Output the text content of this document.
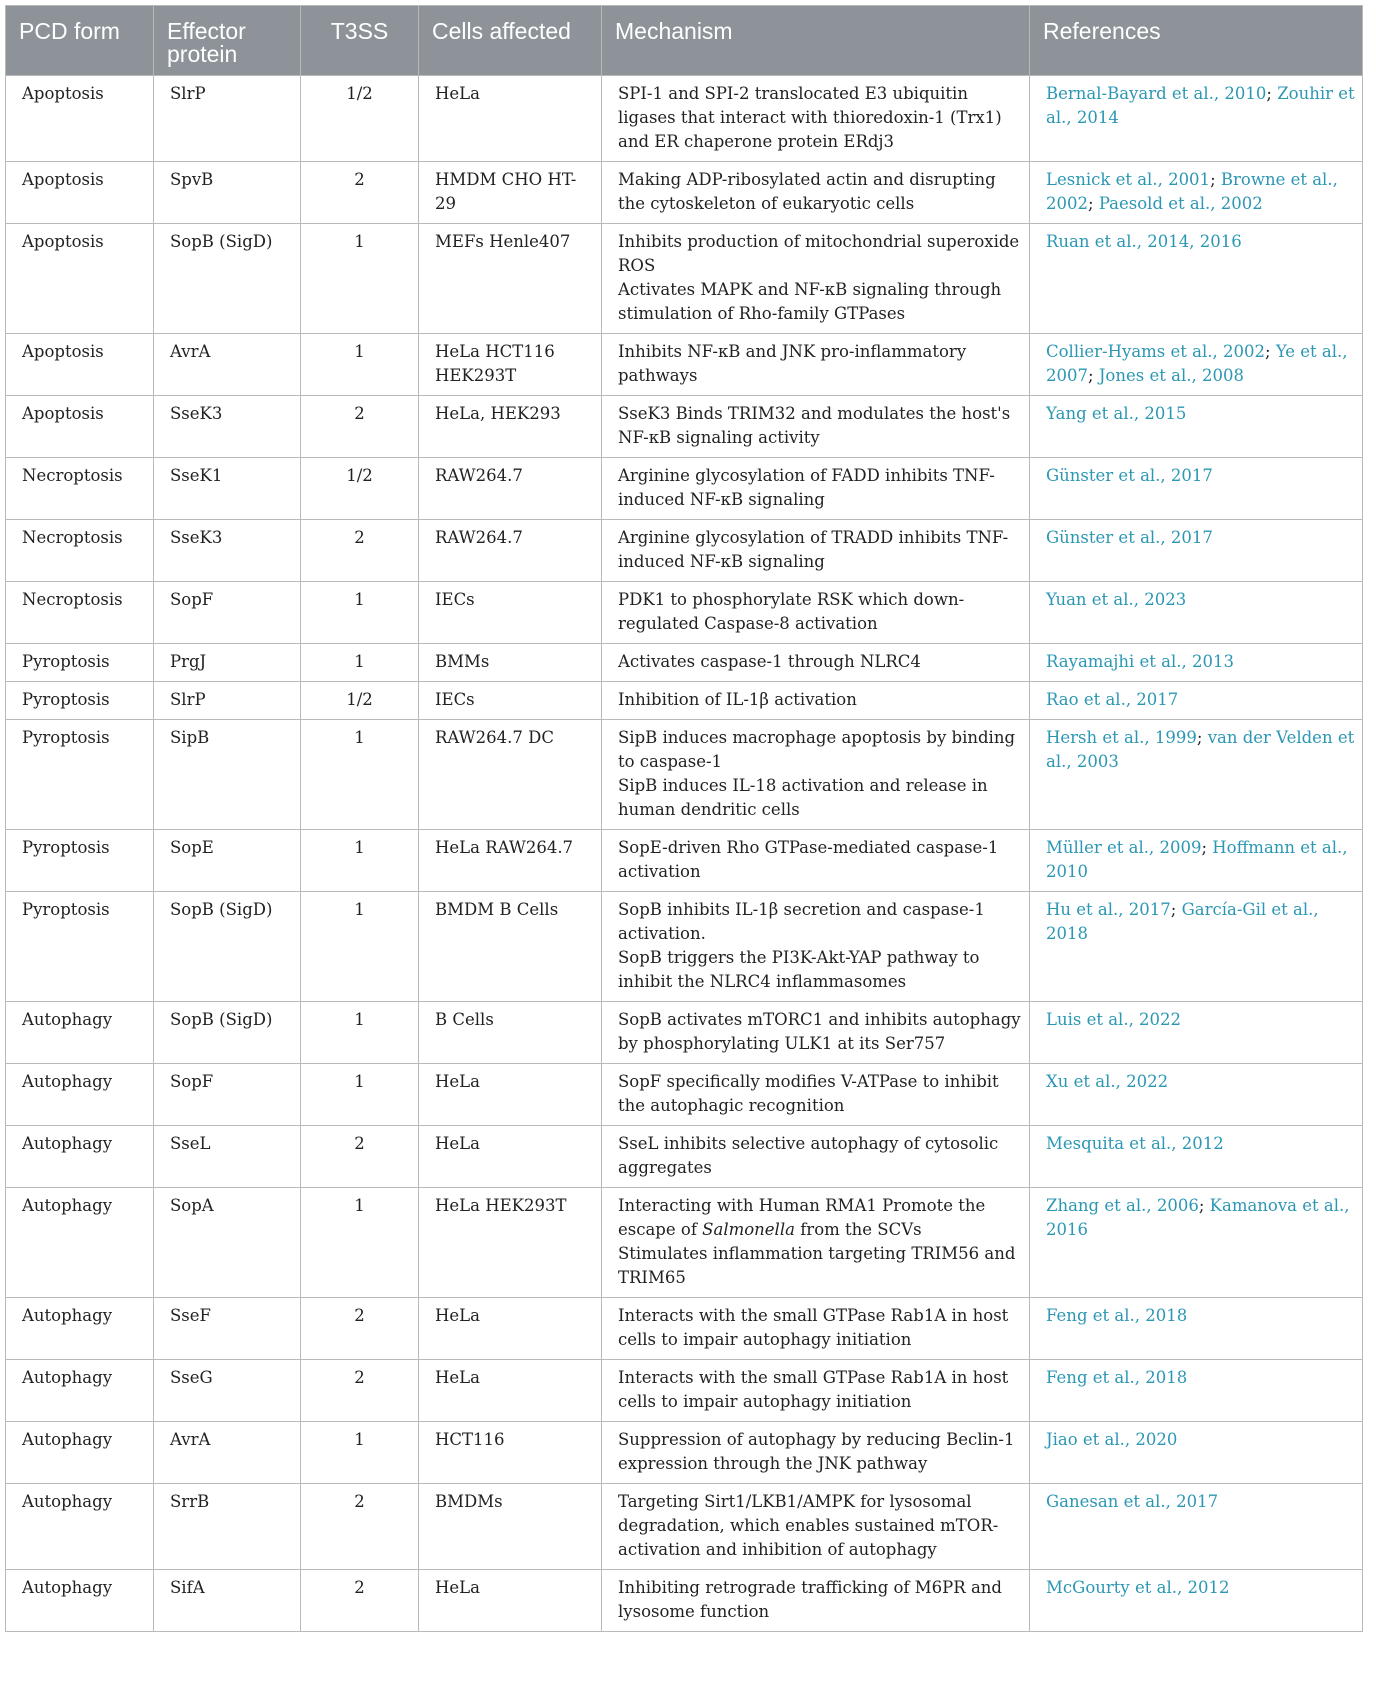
PCD form	Effector protein	T3SS	Cells affected	Mechanism	References
Apoptosis	SlrP	1/2	HeLa	SPI-1 and SPI-2 translocated E3 ubiquitin ligases that interact with thioredoxin-1 (Trx1) and ER chaperone protein ERdj3	Bernal-Bayard et al., 2010; Zouhir et al., 2014
Apoptosis	SpvB	2	HMDM CHO HT-29	Making ADP-ribosylated actin and disrupting the cytoskeleton of eukaryotic cells	Lesnick et al., 2001; Browne et al., 2002; Paesold et al., 2002
Apoptosis	SopB (SigD)	1	MEFs Henle407	Inhibits production of mitochondrial superoxide ROSActivates MAPK and NF-κB signaling through stimulation of Rho-family GTPases	Ruan et al., 2014, 2016
Apoptosis	AvrA	1	HeLa HCT116 HEK293T	Inhibits NF-κB and JNK pro-inflammatory pathways	Collier-Hyams et al., 2002; Ye et al., 2007; Jones et al., 2008
Apoptosis	SseK3	2	HeLa, HEK293	SseK3 Binds TRIM32 and modulates the host's NF-κB signaling activity	Yang et al., 2015
Necroptosis	SseK1	1/2	RAW264.7	Arginine glycosylation of FADD inhibits TNF-induced NF-κB signaling	Günster et al., 2017
Necroptosis	SseK3	2	RAW264.7	Arginine glycosylation of TRADD inhibits TNF-induced NF-κB signaling	Günster et al., 2017
Necroptosis	SopF	1	IECs	PDK1 to phosphorylate RSK which down-regulated Caspase-8 activation	Yuan et al., 2023
Pyroptosis	PrgJ	1	BMMs	Activates caspase-1 through NLRC4	Rayamajhi et al., 2013
Pyroptosis	SlrP	1/2	IECs	Inhibition of IL-1β activation	Rao et al., 2017
Pyroptosis	SipB	1	RAW264.7 DC	SipB induces macrophage apoptosis by binding to caspase-1SipB induces IL-18 activation and release in human dendritic cells	Hersh et al., 1999; van der Velden et al., 2003
Pyroptosis	SopE	1	HeLa RAW264.7	SopE-driven Rho GTPase-mediated caspase-1 activation	Müller et al., 2009; Hoffmann et al., 2010
Pyroptosis	SopB (SigD)	1	BMDM B Cells	SopB inhibits IL-1β secretion and caspase-1 activation.SopB triggers the PI3K-Akt-YAP pathway to inhibit the NLRC4 inflammasomes	Hu et al., 2017; García-Gil et al., 2018
Autophagy	SopB (SigD)	1	B Cells	SopB activates mTORC1 and inhibits autophagy by phosphorylating ULK1 at its Ser757	Luis et al., 2022
Autophagy	SopF	1	HeLa	SopF specifically modifies V-ATPase to inhibit the autophagic recognition	Xu et al., 2022
Autophagy	SseL	2	HeLa	SseL inhibits selective autophagy of cytosolic aggregates	Mesquita et al., 2012
Autophagy	SopA	1	HeLa HEK293T	Interacting with Human RMA1 Promote the escape of Salmonella from the SCVsStimulates inflammation targeting TRIM56 and TRIM65	Zhang et al., 2006; Kamanova et al., 2016
Autophagy	SseF	2	HeLa	Interacts with the small GTPase Rab1A in host cells to impair autophagy initiation	Feng et al., 2018
Autophagy	SseG	2	HeLa	Interacts with the small GTPase Rab1A in host cells to impair autophagy initiation	Feng et al., 2018
Autophagy	AvrA	1	HCT116	Suppression of autophagy by reducing Beclin-1 expression through the JNK pathway	Jiao et al., 2020
Autophagy	SrrB	2	BMDMs	Targeting Sirt1/LKB1/AMPK for lysosomal degradation, which enables sustained mTOR-activation and inhibition of autophagy	Ganesan et al., 2017
Autophagy	SifA	2	HeLa	Inhibiting retrograde trafficking of M6PR and lysosome function	McGourty et al., 2012
